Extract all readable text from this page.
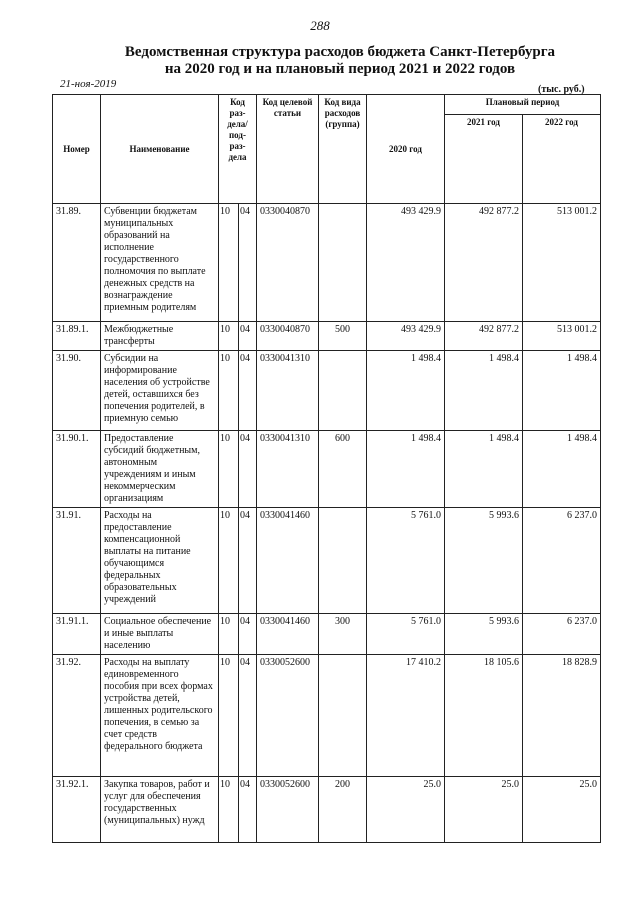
288
Ведомственная структура расходов бюджета Санкт-Петербурга
на 2020 год и на плановый период 2021 и 2022 годов
21-ноя-2019	(тыс. руб.)
Номер	Наименование	Код раз-дела/ под-раз-дела		Код целевой статьи	Код вида расходов (группа)	2020 год	Плановый период	
							2021 год	2022 год
31.89.	Субвенции бюджетам муниципальных образований на исполнение государственного полномочия по выплате денежных средств на вознаграждение приемным родителям	10	04	0330040870		493 429.9	492 877.2	513 001.2
31.89.1.	Межбюджетные трансферты	10	04	0330040870	500	493 429.9	492 877.2	513 001.2
31.90.	Субсидии на информирование населения об устройстве детей, оставшихся без попечения родителей, в приемную семью	10	04	0330041310		1 498.4	1 498.4	1 498.4
31.90.1.	Предоставление субсидий бюджетным, автономным учреждениям и иным некоммерческим организациям	10	04	0330041310	600	1 498.4	1 498.4	1 498.4
31.91.	Расходы на предоставление компенсационной выплаты на питание обучающимся федеральных образовательных учреждений	10	04	0330041460		5 761.0	5 993.6	6 237.0
31.91.1.	Социальное обеспечение и иные выплаты населению	10	04	0330041460	300	5 761.0	5 993.6	6 237.0
31.92.	Расходы на выплату единовременного пособия при всех формах устройства детей, лишенных родительского попечения, в семью за счет средств федерального бюджета	10	04	0330052600		17 410.2	18 105.6	18 828.9
31.92.1.	Закупка товаров, работ и услуг для обеспечения государственных (муниципальных) нужд	10	04	0330052600	200	25.0	25.0	25.0
